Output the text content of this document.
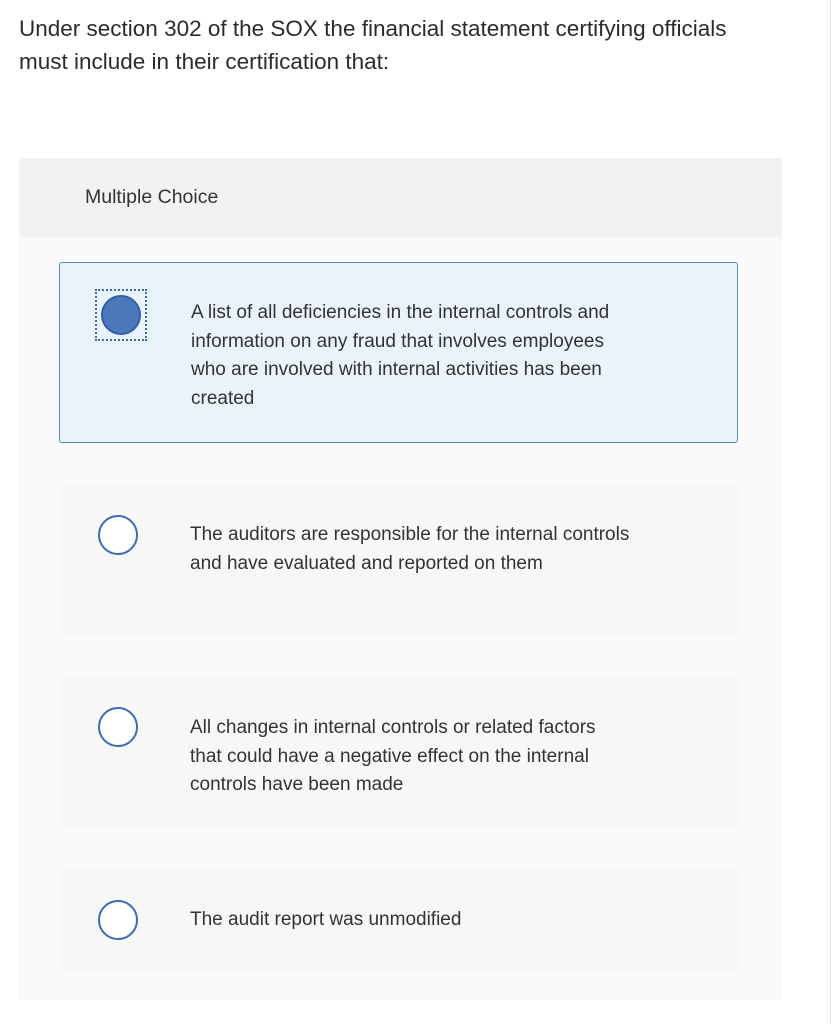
Under section 302 of the SOX the financial statement certifying officials must include in their certification that:

Multiple Choice
A list of all deficiencies in the internal controls and information on any fraud that involves employees who are involved with internal activities has been created
The auditors are responsible for the internal controls and have evaluated and reported on them
All changes in internal controls or related factors that could have a negative effect on the internal controls have been made
The audit report was unmodified
